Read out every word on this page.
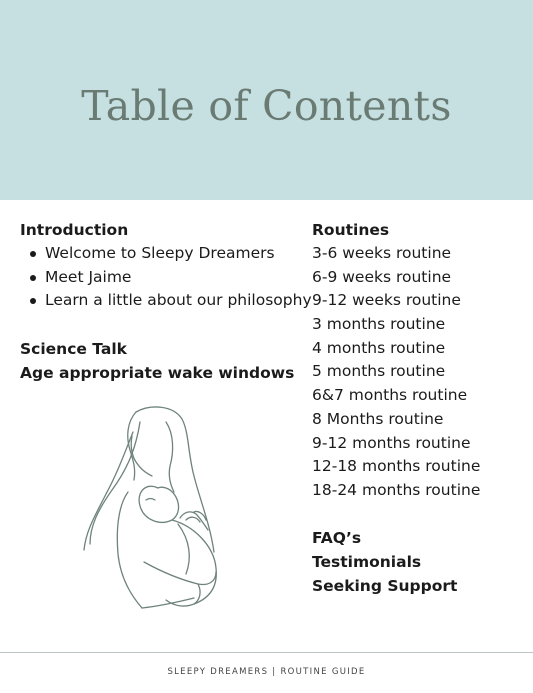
Table of Contents
Introduction
Welcome to Sleepy Dreamers
Meet Jaime
Learn a little about our philosophy
Science Talk
Age appropriate wake windows
Routines
3-6 weeks routine
6-9 weeks routine
9-12 weeks routine
3 months routine
4 months routine
5 months routine
6&7 months routine
8 Months routine
9-12 months routine
12-18 months routine
18-24 months routine
FAQ’s
Testimonials
Seeking Support
SLEEPY DREAMERS | ROUTINE GUIDE
